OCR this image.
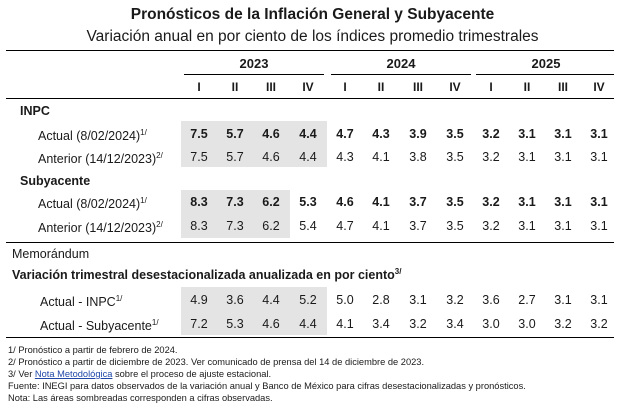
Pronósticos de la Inflación General y Subyacente
Variación anual en por ciento de los índices promedio trimestrales
2023	2024	2025
I	II	III	IV	I	II	III	IV	I	II	III	IV
INPC
Actual $(8/02/2024)^{1/}$	7.5	5.7	4.6	4.4	4.7	4.3	3.9	3.5	3.2	3.1	3.1	3.1
Anterior $(14/12/2023)^{2/}$	7.5	5.7	4.6	4.4	4.3	4.1	3.8	3.5	3.2	3.1	3.1	3.1
Subyacente
Actual $(8/02/2024)^{1/}$	8.3	7.3	6.2	5.3	4.6	4.1	3.7	3.5	3.2	3.1	3.1	3.1
Anterior $(14/12/2023)^{2/}$	8.3	7.3	6.2	5.4	4.7	4.1	3.7	3.5	3.2	3.1	3.1	3.1
Memorándum
Variación trimestral desestacionalizada anualizada en por ciento$^{3/}$
Actual - $INPC^{1/}$	4.9	3.6	4.4	5.2	5.0	2.8	3.1	3.2	3.6	2.7	3.1	3.1
Actual - Subyacente$^{1/}$	7.2	5.3	4.6	4.4	4.1	3.4	3.2	3.4	3.0	3.0	3.2	3.2
1/ Pronóstico a partir de febrero de 2024.
2/ Pronóstico a partir de diciembre de 2023. Ver comunicado de prensa del 14 de diciembre de 2023.
3/ Ver Nota Metodológica sobre el proceso de ajuste estacional.
Fuente: INEGI para datos observados de la variación anual y Banco de México para cifras desestacionalizadas y pronósticos.
Nota: Las áreas sombreadas corresponden a cifras observadas.
